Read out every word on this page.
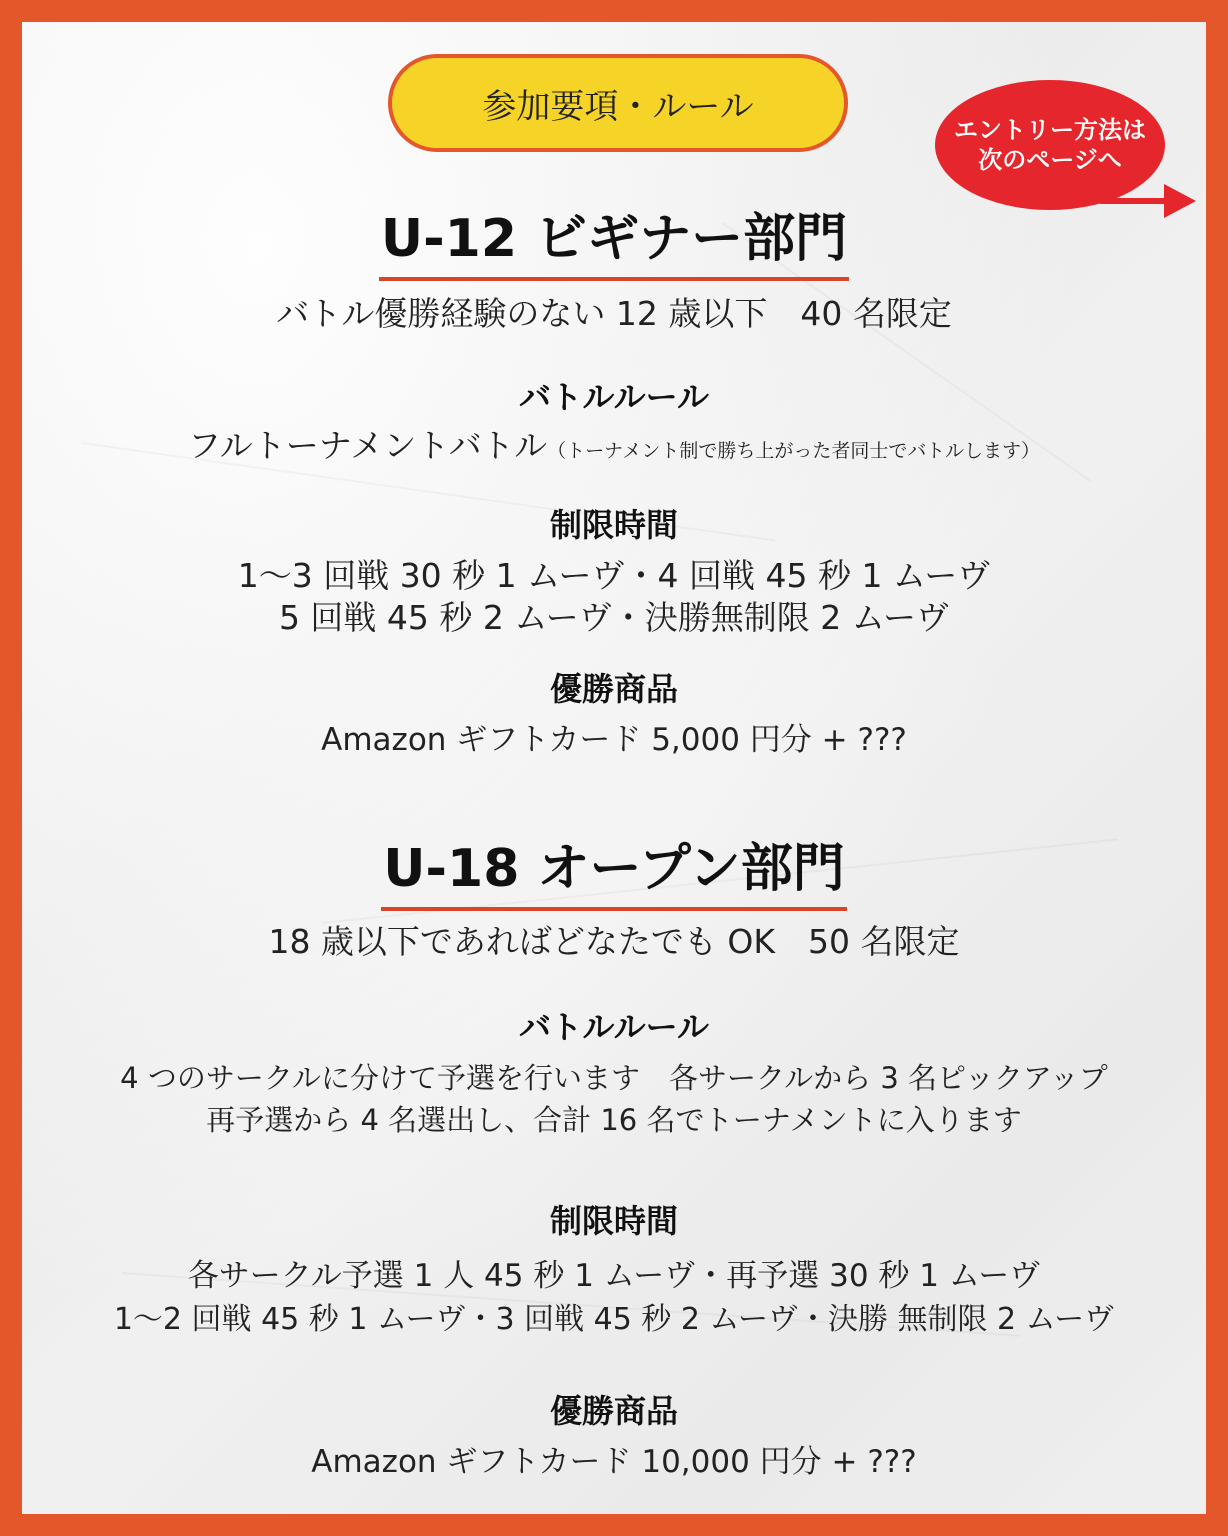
参加要項・ルール
エントリー方法は
次のページへ
U-12 ビギナー部門
バトル優勝経験のない 12 歳以下　40 名限定
バトルルール
フルトーナメントバトル（トーナメント制で勝ち上がった者同士でバトルします）
制限時間
1〜3 回戦 30 秒 1 ムーヴ・4 回戦 45 秒 1 ムーヴ
5 回戦 45 秒 2 ムーヴ・決勝無制限 2 ムーヴ
優勝商品
Amazon ギフトカード 5,000 円分 + ???
U-18 オープン部門
18 歳以下であればどなたでも OK　50 名限定
バトルルール
4 つのサークルに分けて予選を行います　各サークルから 3 名ピックアップ
再予選から 4 名選出し、合計 16 名でトーナメントに入ります
制限時間
各サークル予選 1 人 45 秒 1 ムーヴ・再予選 30 秒 1 ムーヴ
1〜2 回戦 45 秒 1 ムーヴ・3 回戦 45 秒 2 ムーヴ・決勝 無制限 2 ムーヴ
優勝商品
Amazon ギフトカード 10,000 円分 + ???
